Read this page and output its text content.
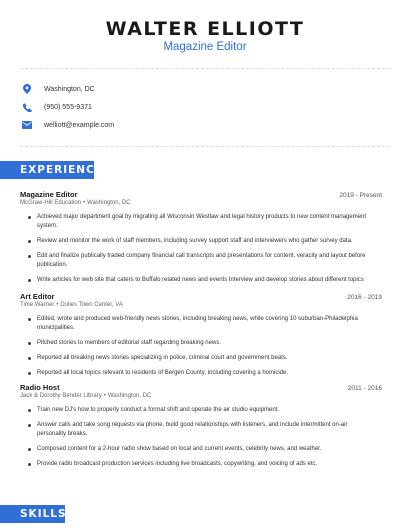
WALTER ELLIOTT
Magazine Editor
Washington, DC
(950) 555-9371
welliott@example.com
EXPERIENCE
Magazine Editor	2019 - Present
McGraw-Hill Education • Washington, DC
Achieved major department goal by migrating all Wisconsin Westlaw and legal history products to new content management system.
Review and monitor the work of staff members, including survey support staff and interviewers who gather survey data.
Edit and finalize publically traded company financial call transcripts and presentations for content, veracity and layout before publication.
Write articles for web site that caters to Buffalo related news and events Interview and develop stories about different topics
Art Editor	2016 - 2019
Time Warner • Dulles Town Center, VA
Edited, wrote and produced web-friendly news stories, including breaking news, while covering 10 suburban-Philadelphia municipalities.
Pitched stories to members of editorial staff regarding breaking news.
Reported all breaking news stories specializing in police, criminal court and government beats.
Reported all local topics relevant to residents of Bergen County, including covering a homicide.
Radio Host	2011 - 2016
Jack & Dorothy Bender Library • Washington, DC
Train new DJ's how to properly conduct a format shift and operate the air studio equipment.
Answer calls and take song requests via phone, build good relationships with listeners, and include intermittent on-air personality breaks.
Composed content for a 2-hour radio show based on local and current events, celebrity news, and weather.
Provide radio broadcast production services including live broadcasts, copywriting, and voicing of ads etc.
SKILLS
